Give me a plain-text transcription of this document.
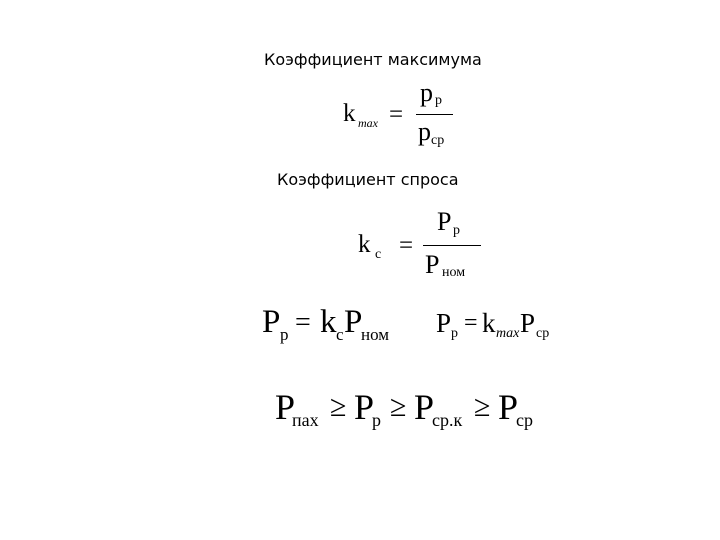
Коэффициент максимума
k max =
p p
p ср
Коэффициент спроса
k c =
P p
P ном
P p = k c P
ном P p = k max P ср
P
пах ≥ P
p ≥ P
ср.к ≥ P
ср
